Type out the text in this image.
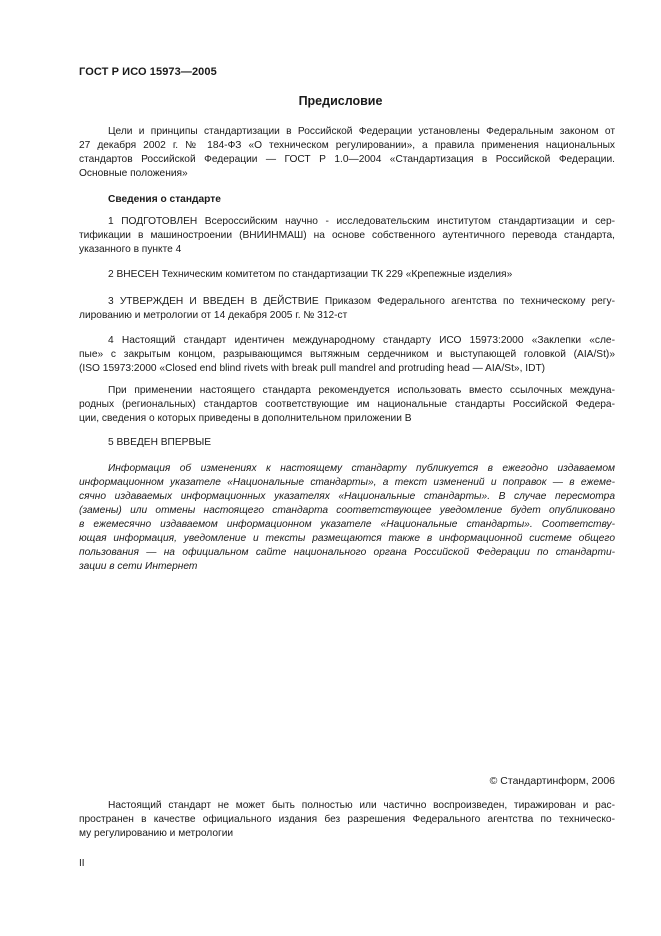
ГОСТ Р ИСО 15973—2005
Предисловие
Цели и принципы стандартизации в Российской Федерации установлены Федеральным законом от
27 декабря 2002 г. № 184-ФЗ «О техническом регулировании», а правила применения национальных
стандартов Российской Федерации — ГОСТ Р 1.0—2004 «Стандартизация в Российской Федерации.
Основные положения»
Сведения о стандарте
1 ПОДГОТОВЛЕН Всероссийским научно - исследовательским институтом стандартизации и сер-
тификации в машиностроении (ВНИИНМАШ) на основе собственного аутентичного перевода стандарта,
указанного в пункте 4
2 ВНЕСЕН Техническим комитетом по стандартизации ТК 229 «Крепежные изделия»
3 УТВЕРЖДЕН И ВВЕДЕН В ДЕЙСТВИЕ Приказом Федерального агентства по техническому регу-
лированию и метрологии от 14 декабря 2005 г. № 312-ст
4 Настоящий стандарт идентичен международному стандарту ИСО 15973:2000 «Заклепки «сле-
пые» с закрытым концом, разрывающимся вытяжным сердечником и выступающей головкой (AIA/St)»
(ISO 15973:2000 «Closed end blind rivets with break pull mandrel and protruding head — AIA/St», IDT)
При применении настоящего стандарта рекомендуется использовать вместо ссылочных междуна-
родных (региональных) стандартов соответствующие им национальные стандарты Российской Федера-
ции, сведения о которых приведены в дополнительном приложении В
5 ВВЕДЕН ВПЕРВЫЕ
Информация об изменениях к настоящему стандарту публикуется в ежегодно издаваемом
информационном указателе «Национальные стандарты», а текст изменений и поправок — в ежеме-
сячно издаваемых информационных указателях «Национальные стандарты». В случае пересмотра
(замены) или отмены настоящего стандарта соответствующее уведомление будет опубликовано
в ежемесячно издаваемом информационном указателе «Национальные стандарты». Соответству-
ющая информация, уведомление и тексты размещаются также в информационной системе общего
пользования — на официальном сайте национального органа Российской Федерации по стандарти-
зации в сети Интернет
© Стандартинформ, 2006
Настоящий стандарт не может быть полностью или частично воспроизведен, тиражирован и рас-
пространен в качестве официального издания без разрешения Федерального агентства по техническо-
му регулированию и метрологии
II
